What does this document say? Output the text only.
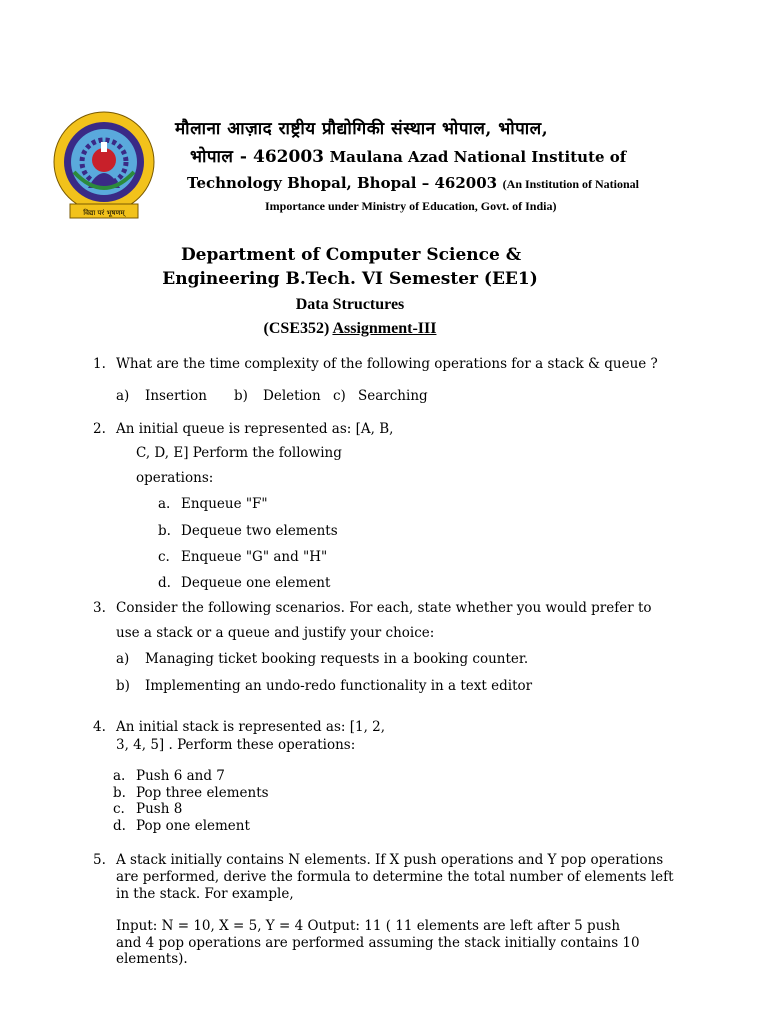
विद्या परं भूषणम्
मौलाना आज़ाद राष्ट्रीय प्रौद्योगिकी संस्थान भोपाल, भोपाल,
भोपाल - 462003 Maulana Azad National Institute of
Technology Bhopal, Bhopal – 462003 (An Institution of National
Importance under Ministry of Education, Govt. of India)
Department of Computer Science &
Engineering B.Tech. VI Semester (EE1)
Data Structures
(CSE352) Assignment-III
1. What are the time complexity of the following operations for a stack & queue ?
a) Insertion b) Deletion c) Searching
2. An initial queue is represented as: [A, B,
C, D, E] Perform the following
operations:
a. Enqueue "F"
b. Dequeue two elements
c. Enqueue "G" and "H"
d. Dequeue one element
3. Consider the following scenarios. For each, state whether you would prefer to
use a stack or a queue and justify your choice:
a) Managing ticket booking requests in a booking counter.
b) Implementing an undo-redo functionality in a text editor
4. An initial stack is represented as: [1, 2,
3, 4, 5] . Perform these operations:
a. Push 6 and 7
b. Pop three elements
c. Push 8
d. Pop one element
5. A stack initially contains N elements. If X push operations and Y pop operations
are performed, derive the formula to determine the total number of elements left
in the stack. For example,
Input: N = 10, X = 5, Y = 4 Output: 11 ( 11 elements are left after 5 push
and 4 pop operations are performed assuming the stack initially contains 10
elements).
